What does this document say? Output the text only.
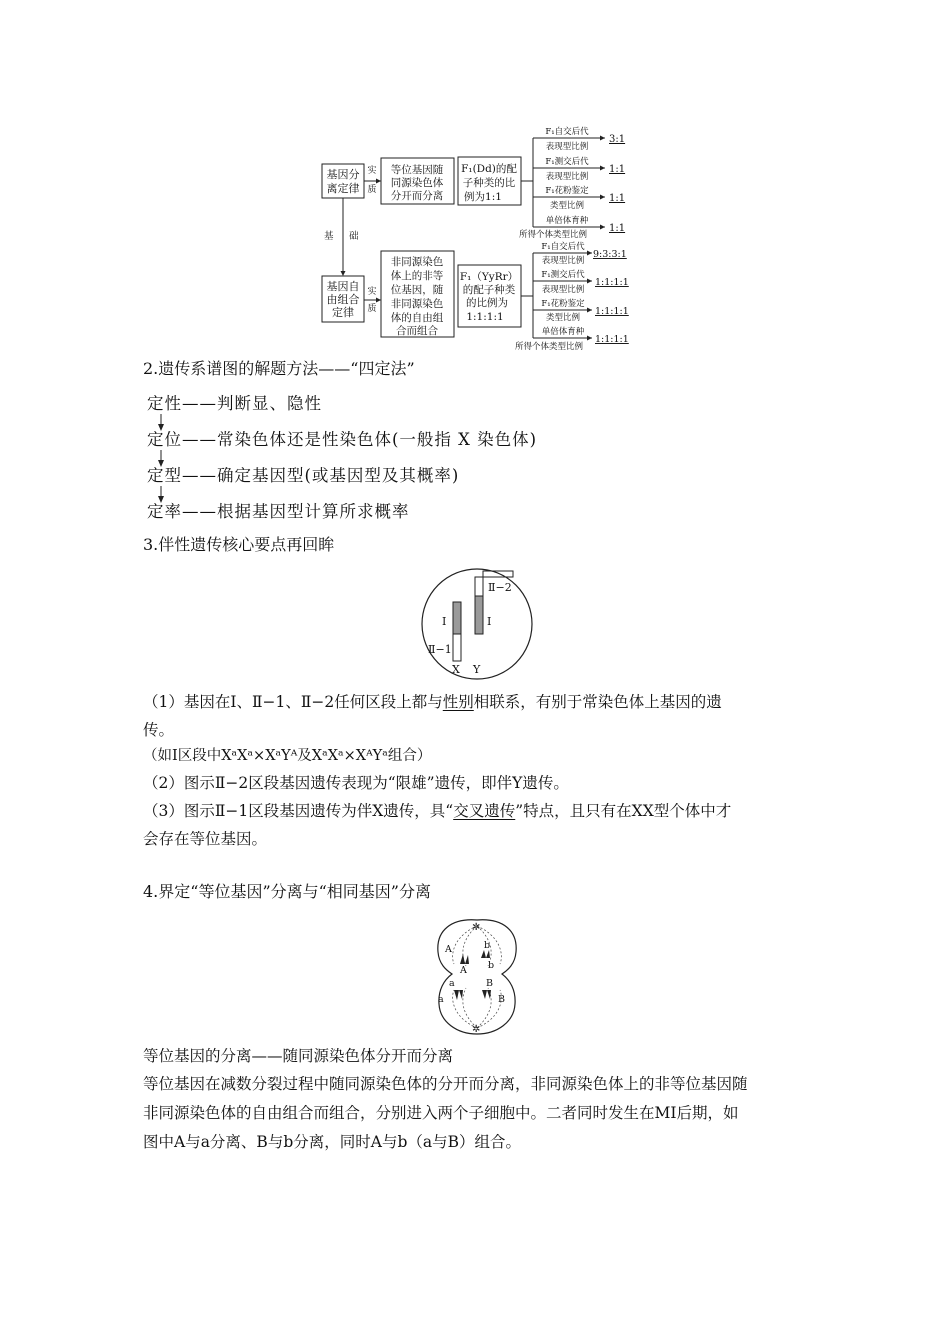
基因分
离定律
实
质
等位基因随
同源染色体
分开而分离
F₁(Dd)的配
子种类的比
例为1:1
F₁自交后代
表现型比例
F₁测交后代
表现型比例
F₁花粉鉴定
类型比例
单倍体育种
所得个体类型比例
3:1
1:1
1:1
1:1
基 础
基因自
由组合
定律
实
质
非同源染色
体上的非等
位基因，随
非同源染色
体的自由组
合而组合
F₁（YyRr）
的配子种类
的比例为
1:1:1:1
F₁自交后代
表现型比例
F₁测交后代
表现型比例
F₁花粉鉴定
类型比例
单倍体育种
所得个体类型比例
9:3:3:1
1:1:1:1
1:1:1:1
1:1:1:1
2.遗传系谱图的解题方法——“四定法”
定性——判断显、隐性
定位——常染色体还是性染色体(一般指 X 染色体)
定型——确定基因型(或基因型及其概率)
定率——根据基因型计算所求概率
3.伴性遗传核心要点再回眸
Ⅱ−2
Ⅰ	Ⅰ
Ⅱ−1
X Y
（1）基因在Ⅰ、Ⅱ−1、Ⅱ−2任何区段上都与性别相联系，有别于常染色体上基因的遗
传。
（如Ⅰ区段中XᵃXᵃ×XᵃYᴬ及XᵃXᵃ×XᴬYᵃ组合）
（2）图示Ⅱ−2区段基因遗传表现为“限雄”遗传，即伴Y遗传。
（3）图示Ⅱ−1区段基因遗传为伴X遗传，具“交叉遗传”特点，且只有在XX型个体中才
会存在等位基因。
4.界定“等位基因”分离与“相同基因”分离
✲
✲
A
A
b
b
a
a
B
B
等位基因的分离——随同源染色体分开而分离
等位基因在减数分裂过程中随同源染色体的分开而分离，非同源染色体上的非等位基因随
非同源染色体的自由组合而组合，分别进入两个子细胞中。二者同时发生在MⅠ后期，如
图中A与a分离、B与b分离，同时A与b（a与B）组合。
